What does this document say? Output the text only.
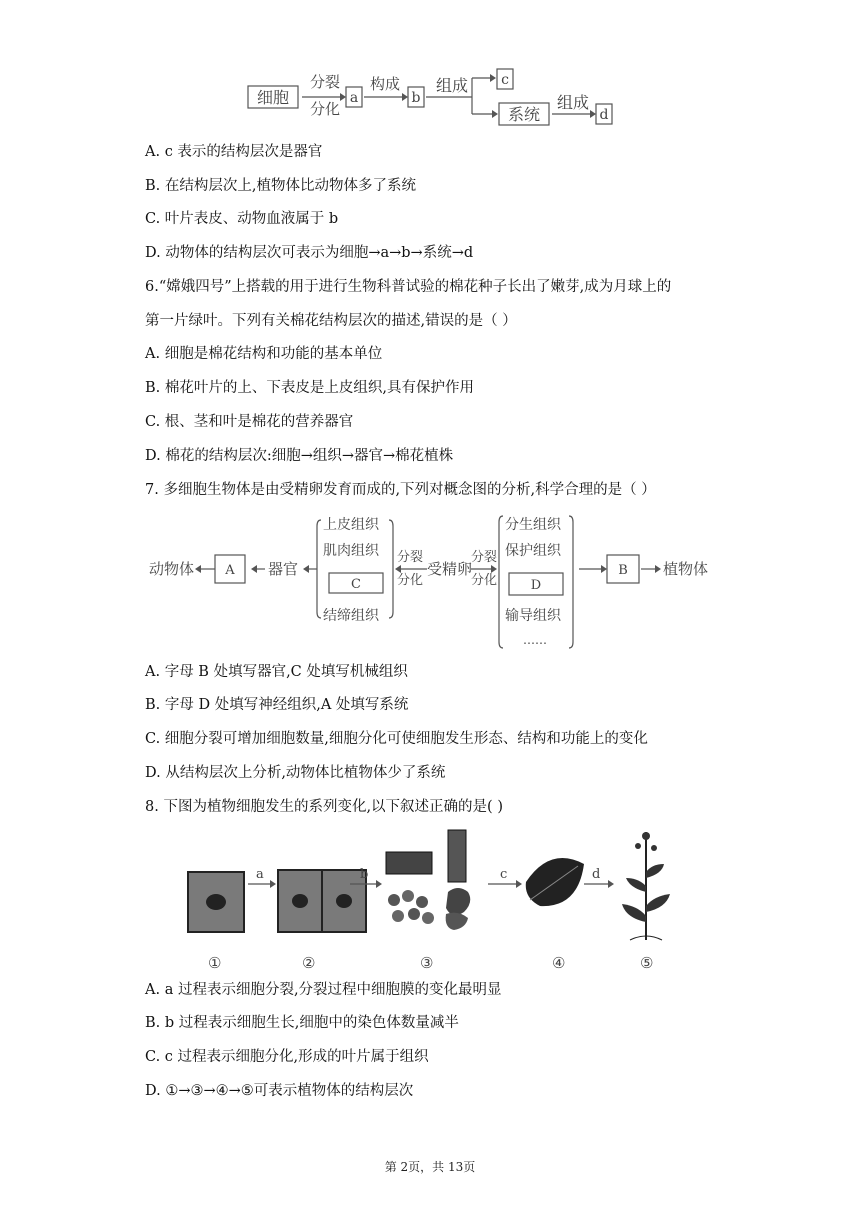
细胞
分裂
分化
a
构成
b
组成 c
系统
组成
d
A. c 表示的结构层次是器官
B. 在结构层次上,植物体比动物体多了系统
C. 叶片表皮、动物血液属于 b
D. 动物体的结构层次可表示为细胞→a→b→系统→d
6.“嫦娥四号”上搭载的用于进行生物科普试验的棉花种子长出了嫩芽,成为月球上的
第一片绿叶。下列有关棉花结构层次的描述,错误的是（ ）
A. 细胞是棉花结构和功能的基本单位
B. 棉花叶片的上、下表皮是上皮组织,具有保护作用
C. 根、茎和叶是棉花的营养器官
D. 棉花的结构层次:细胞→组织→器官→棉花植株
7. 多细胞生物体是由受精卵发育而成的,下列对概念图的分析,科学合理的是（ ）
动物体 A 器官
上皮组织
肌肉组织
C
结缔组织
分裂
分化
受精卵
分裂
分化
分生组织
保护组织
D
输导组织
……
B 植物体
A. 字母 B 处填写器官,C 处填写机械组织
B. 字母 D 处填写神经组织,A 处填写系统
C. 细胞分裂可增加细胞数量,细胞分化可使细胞发生形态、结构和功能上的变化
D. 从结构层次上分析,动物体比植物体少了系统
8. 下图为植物细胞发生的系列变化,以下叙述正确的是( )
a	b	c	d
①	②	③	④	⑤
A. a 过程表示细胞分裂,分裂过程中细胞膜的变化最明显
B. b 过程表示细胞生长,细胞中的染色体数量减半
C. c 过程表示细胞分化,形成的叶片属于组织
D. ①→③→④→⑤可表示植物体的结构层次
第 2页，共 13页
